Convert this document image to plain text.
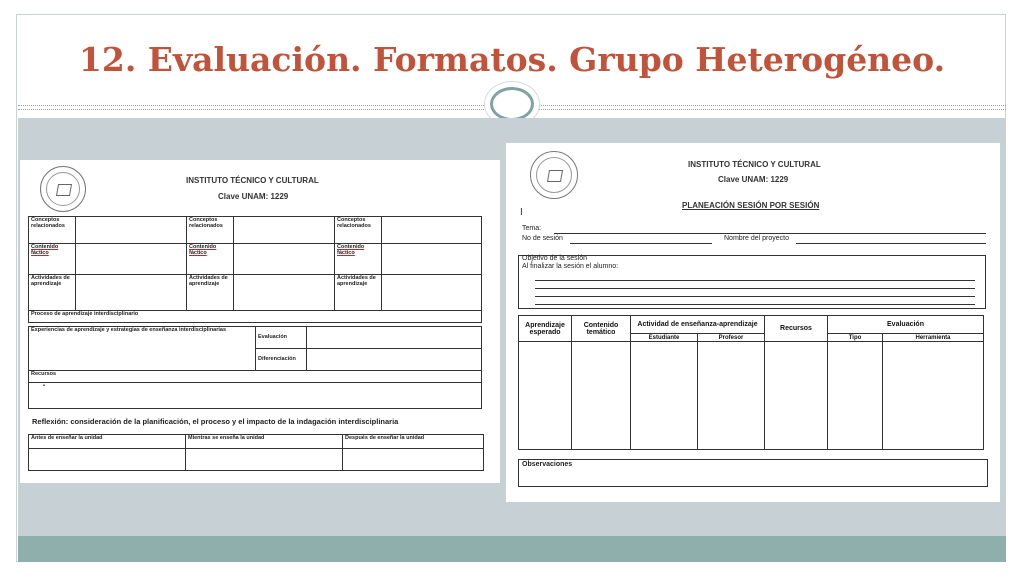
12. Evaluación. Formatos. Grupo Heterogéneo.
INSTITUTO TÉCNICO Y CULTURAL
Clave UNAM: 1229
Conceptos relacionados		Conceptos relacionados		Conceptos relacionados	
Contenido fáctico		Contenido fáctico		Contenido fáctico	
Actividades de aprendizaje		Actividades de aprendizaje		Actividades de aprendizaje	
Proceso de aprendizaje interdisciplinario					
Experiencias de aprendizaje y estrategias de enseñanza interdisciplinarias	Evaluación	
	Diferenciación	
Recursos		
•		
Reflexión: consideración de la planificación, el proceso y el impacto de la indagación interdisciplinaria
Antes de enseñar la unidad	Mientras se enseña la unidad	Después de enseñar la unidad

INSTITUTO TÉCNICO Y CULTURAL
Clave UNAM: 1229
PLANEACIÓN SESIÓN POR SESIÓN
I
Tema:
No de sesión	Nombre del proyecto
Objetivo de la sesión
Al finalizar la sesión el alumno:
Aprendizaje esperado	Contenido temático	Actividad de enseñanza-aprendizaje		Recursos	Evaluación	
		Estudiante	Profesor		Tipo	Herramienta

Observaciones
